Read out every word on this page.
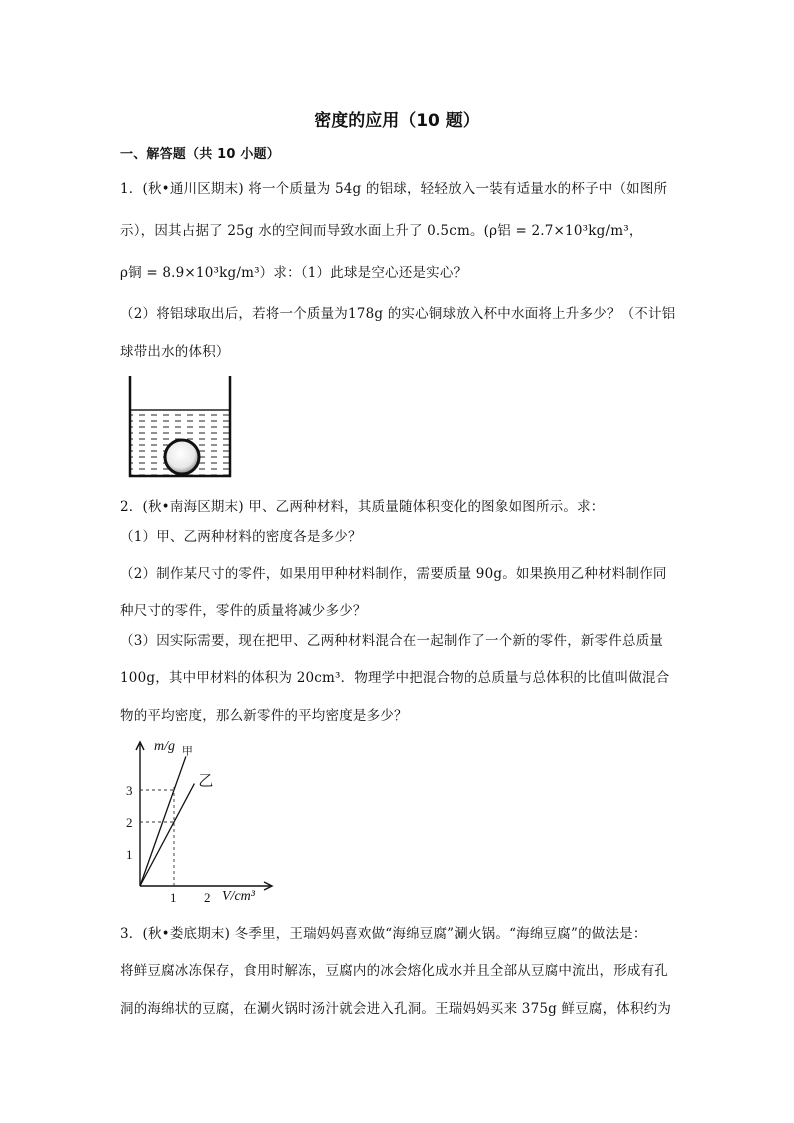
密度的应用（10 题）
一、解答题（共 10 小题）
1．(秋•通川区期末) 将一个质量为 54g 的铝球，轻轻放入一装有适量水的杯子中（如图所
示），因其占据了 25g 水的空间而导致水面上升了 0.5cm。(ρ铝 = 2.7×10³kg/m³，
ρ铜 = 8.9×10³kg/m³）求：（1）此球是空心还是实心？
（2）将铝球取出后，若将一个质量为178g 的实心铜球放入杯中水面将上升多少？（不计铝
球带出水的体积）
2．(秋•南海区期末) 甲、乙两种材料，其质量随体积变化的图象如图所示。求：
（1）甲、乙两种材料的密度各是多少？
（2）制作某尺寸的零件，如果用甲种材料制作，需要质量 90g。如果换用乙种材料制作同
种尺寸的零件，零件的质量将减少多少？
（3）因实际需要，现在把甲、乙两种材料混合在一起制作了一个新的零件，新零件总质量
100g，其中甲材料的体积为 20cm³．物理学中把混合物的总质量与总体积的比值叫做混合
物的平均密度，那么新零件的平均密度是多少？
甲
乙
m/g
V/cm³
1
2
3
1 2
3．(秋•娄底期末) 冬季里，王瑞妈妈喜欢做“海绵豆腐”涮火锅。“海绵豆腐”的做法是：
将鲜豆腐冰冻保存，食用时解冻，豆腐内的冰会熔化成水并且全部从豆腐中流出，形成有孔
洞的海绵状的豆腐，在涮火锅时汤汁就会进入孔洞。王瑞妈妈买来 375g 鲜豆腐，体积约为
